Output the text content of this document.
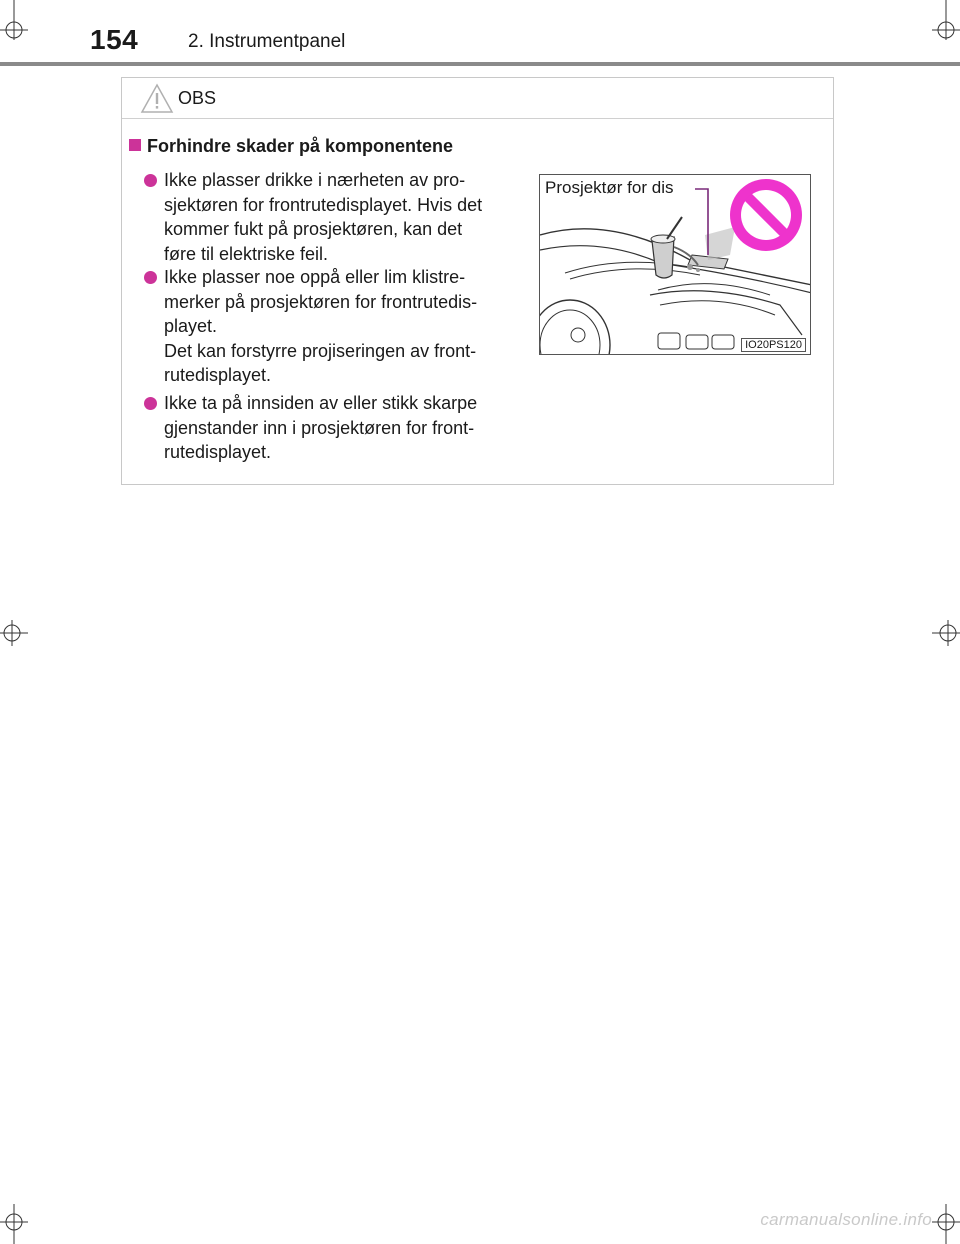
154	2. Instrumentpanel
OBS
Forhindre skader på komponentene
Ikke plasser drikke i nærheten av pro-
sjektøren for frontrutedisplayet. Hvis det
kommer fukt på prosjektøren, kan det
føre til elektriske feil.
Ikke plasser noe oppå eller lim klistre-
merker på prosjektøren for frontrutedis-
playet.
Det kan forstyrre projiseringen av front-
rutedisplayet.
Ikke ta på innsiden av eller stikk skarpe
gjenstander inn i prosjektøren for front-
rutedisplayet.
Prosjektør for dis
IO20PS120
carmanualsonline.info
